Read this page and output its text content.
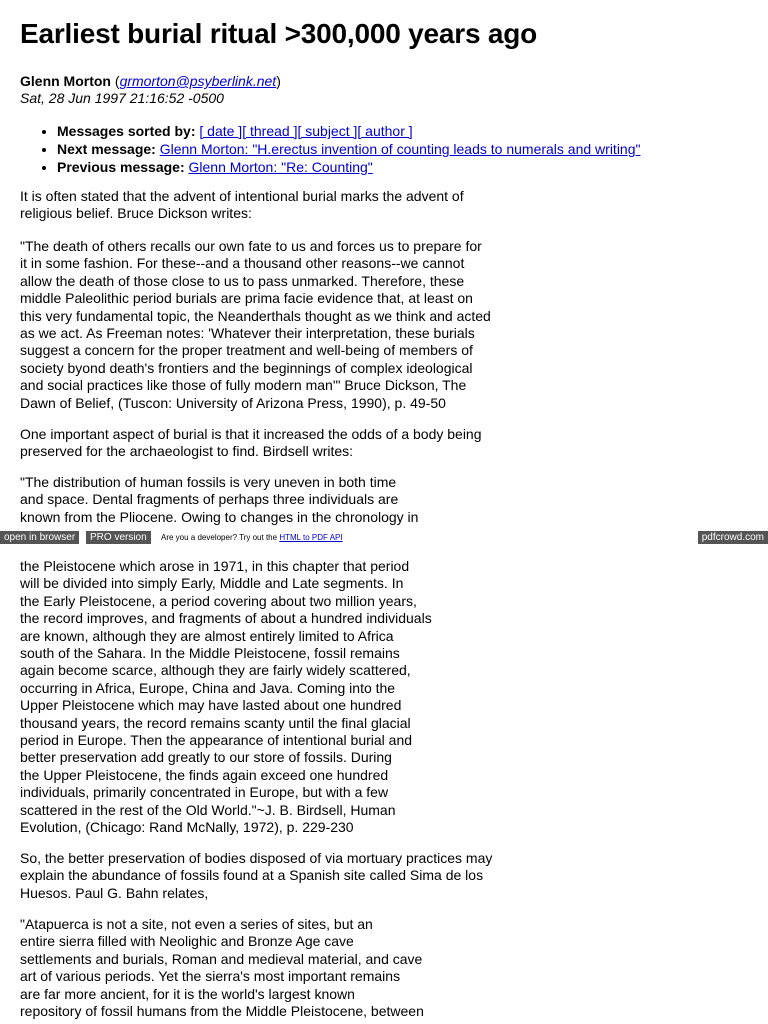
Earliest burial ritual >300,000 years ago
Glenn Morton (grmorton@psyberlink.net)
Sat, 28 Jun 1997 21:16:52 -0500
• Messages sorted by: [ date ][ thread ][ subject ][ author ]
• Next message: Glenn Morton: "H.erectus invention of counting leads to numerals and writing"
• Previous message: Glenn Morton: "Re: Counting"

It is often stated that the advent of intentional burial marks the advent of
religious belief. Bruce Dickson writes:

"The death of others recalls our own fate to us and forces us to prepare for
it in some fashion. For these--and a thousand other reasons--we cannot
allow the death of those close to us to pass unmarked. Therefore, these
middle Paleolithic period burials are prima facie evidence that, at least on
this very fundamental topic, the Neanderthals thought as we think and acted
as we act. As Freeman notes: 'Whatever their interpretation, these burials
suggest a concern for the proper treatment and well-being of members of
society byond death's frontiers and the beginnings of complex ideological
and social practices like those of fully modern man'" Bruce Dickson, The
Dawn of Belief, (Tuscon: University of Arizona Press, 1990), p. 49-50

One important aspect of burial is that it increased the odds of a body being
preserved for the archaeologist to find. Birdsell writes:

"The distribution of human fossils is very uneven in both time
and space. Dental fragments of perhaps three individuals are
known from the Pliocene. Owing to changes in the chronology in

the Pleistocene which arose in 1971, in this chapter that period
will be divided into simply Early, Middle and Late segments. In
the Early Pleistocene, a period covering about two million years,
the record improves, and fragments of about a hundred individuals
are known, although they are almost entirely limited to Africa
south of the Sahara. In the Middle Pleistocene, fossil remains
again become scarce, although they are fairly widely scattered,
occurring in Africa, Europe, China and Java. Coming into the
Upper Pleistocene which may have lasted about one hundred
thousand years, the record remains scanty until the final glacial
period in Europe. Then the appearance of intentional burial and
better preservation add greatly to our store of fossils. During
the Upper Pleistocene, the finds again exceed one hundred
individuals, primarily concentrated in Europe, but with a few
scattered in the rest of the Old World."~J. B. Birdsell, Human
Evolution, (Chicago: Rand McNally, 1972), p. 229-230

So, the better preservation of bodies disposed of via mortuary practices may
explain the abundance of fossils found at a Spanish site called Sima de los
Huesos. Paul G. Bahn relates,

"Atapuerca is not a site, not even a series of sites, but an
entire sierra filled with Neolighic and Bronze Age cave
settlements and burials, Roman and medieval material, and cave
art of various periods. Yet the sierra's most important remains
are far more ancient, for it is the world's largest known
repository of fossil humans from the Middle Pleistocene, between

open in browser	PRO version	Are you a developer? Try out the HTML to PDF API	pdfcrowd.com
